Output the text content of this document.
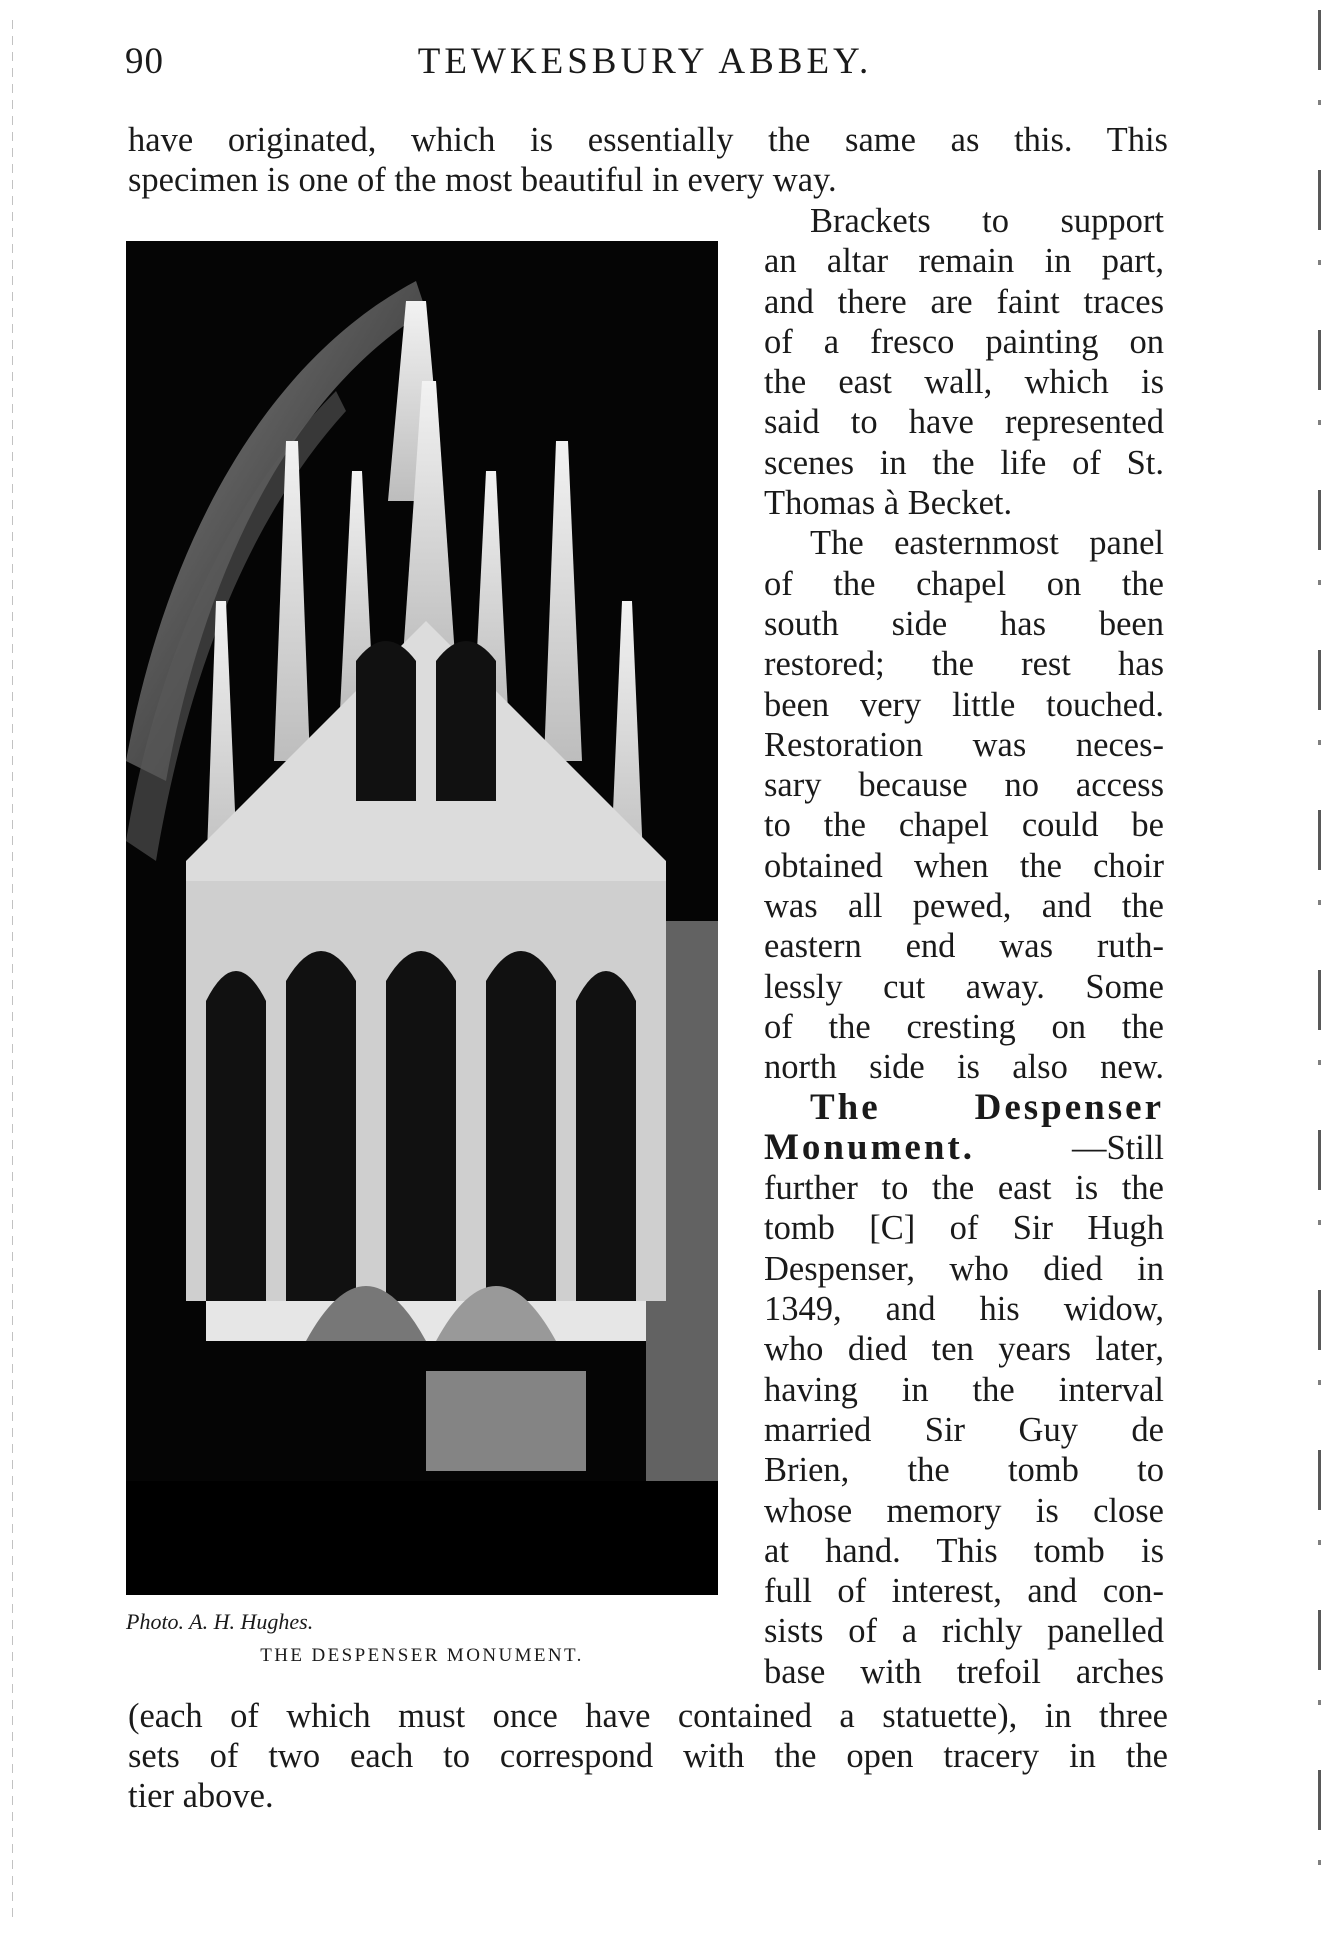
90	TEWKESBURY ABBEY.
have originated, which is essentially the same as this. This
specimen is one of the most beautiful in every way.
Photo. A. H. Hughes.
THE DESPENSER MONUMENT.
Brackets to support
an altar remain in part,
and there are faint traces
of a fresco painting on
the east wall, which is
said to have represented
scenes in the life of St.
Thomas à Becket.
The easternmost panel
of the chapel on the
south side has been
restored; the rest has
been very little touched.
Restoration was neces-
sary because no access
to the chapel could be
obtained when the choir
was all pewed, and the
eastern end was ruth-
lessly cut away. Some
of the cresting on the
north side is also new.
The Despenser
Monument.	—Still
further to the east is the
tomb [C] of Sir Hugh
Despenser, who died in
1349, and his widow,
who died ten years later,
having in the interval
married Sir Guy de
Brien, the tomb to
whose memory is close
at hand. This tomb is
full of interest, and con-
sists of a richly panelled
base with trefoil arches
(each of which must once have contained a statuette), in three
sets of two each to correspond with the open tracery in the
tier above.
